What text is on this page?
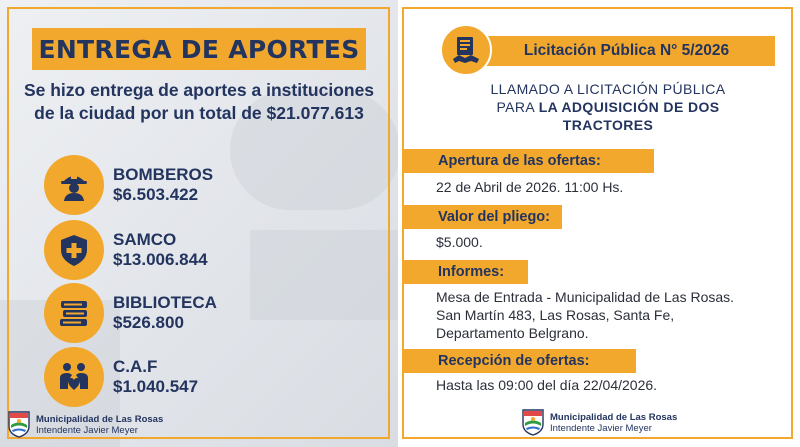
ENTREGA DE APORTES
Se hizo entrega de aportes a instituciones de la ciudad por un total de $21.077.613
BOMBEROS
$6.503.422
SAMCO
$13.006.844
BIBLIOTECA
$526.800
C.A.F
$1.040.547
Municipalidad de Las Rosas
Intendente Javier Meyer
Licitación Pública N° 5/2026
LLAMADO A LICITACIÓN PÚBLICA
PARA LA ADQUISICIÓN DE DOS
TRACTORES
Apertura de las ofertas:
22 de Abril de 2026. 11:00 Hs.
Valor del pliego:
$5.000.
Informes:
Mesa de Entrada - Municipalidad de Las Rosas. San Martín 483, Las Rosas, Santa Fe, Departamento Belgrano.
Recepción de ofertas:
Hasta las 09:00 del día 22/04/2026.
Municipalidad de Las Rosas
Intendente Javier Meyer
